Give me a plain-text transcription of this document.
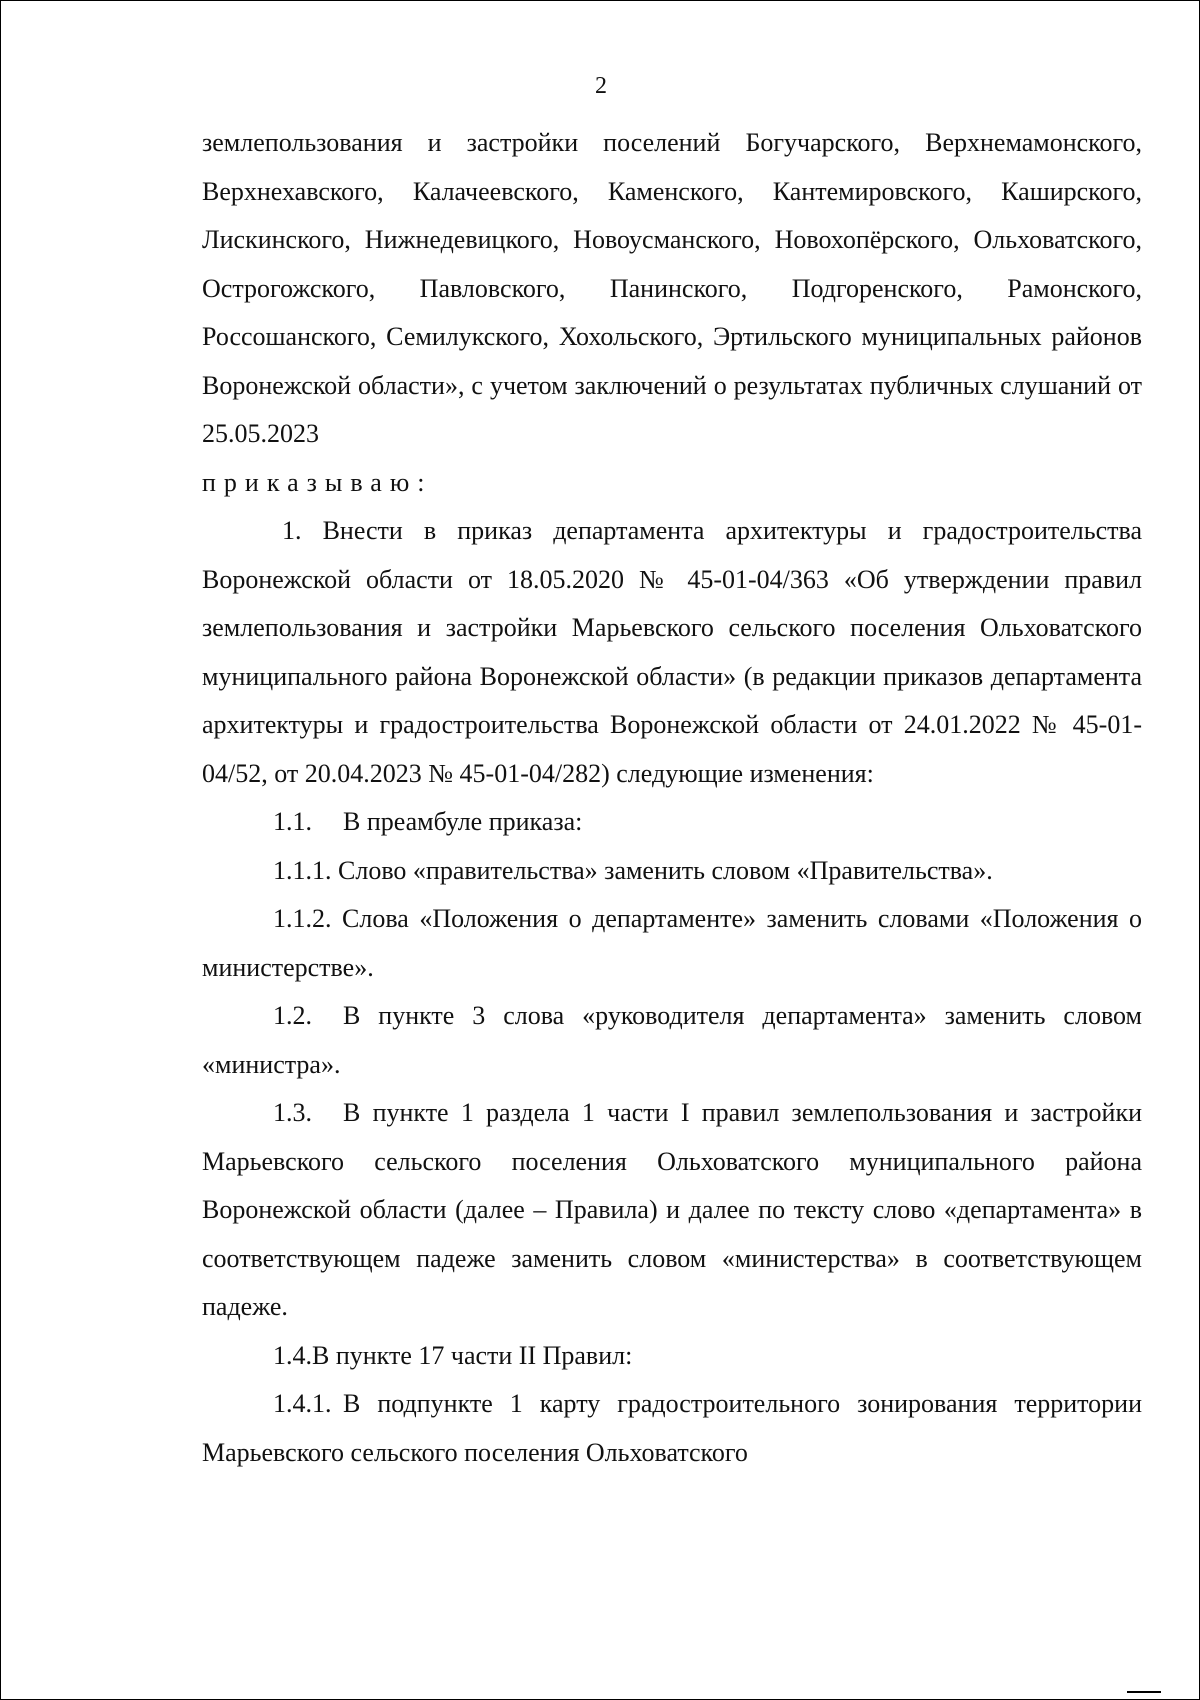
2

землепользования и застройки поселений Богучарского, Верхнемамонского, Верхнехавского, Калачеевского, Каменского, Кантемировского, Каширского, Лискинского, Нижнедевицкого, Новоусманского, Новохопёрского, Ольховатского, Острогожского, Павловского, Панинского, Подгоренского, Рамонского, Россошанского, Семилукского, Хохольского, Эртильского муниципальных районов Воронежской области», с учетом заключений о результатах публичных слушаний от 25.05.2023

приказываю:

1. Внести в приказ департамента архитектуры и градостроительства Воронежской области от 18.05.2020 № 45-01-04/363 «Об утверждении правил землепользования и застройки Марьевского сельского поселения Ольховатского муниципального района Воронежской области» (в редакции приказов департамента архитектуры и градостроительства Воронежской области от 24.01.2022 № 45-01-04/52, от 20.04.2023 № 45-01-04/282) следующие изменения:

1.1. В преамбуле приказа:

1.1.1. Слово «правительства» заменить словом «Правительства».

1.1.2. Слова «Положения о департаменте» заменить словами «Положения о министерстве».

1.2. В пункте 3 слова «руководителя департамента» заменить словом «министра».

1.3. В пункте 1 раздела 1 части I правил землепользования и застройки Марьевского сельского поселения Ольховатского муниципального района Воронежской области (далее – Правила) и далее по тексту слово «департамента» в соответствующем падеже заменить словом «министерства» в соответствующем падеже.

1.4.В пункте 17 части II Правил:

1.4.1. В подпункте 1 карту градостроительного зонирования территории Марьевского сельского поселения Ольховатского
